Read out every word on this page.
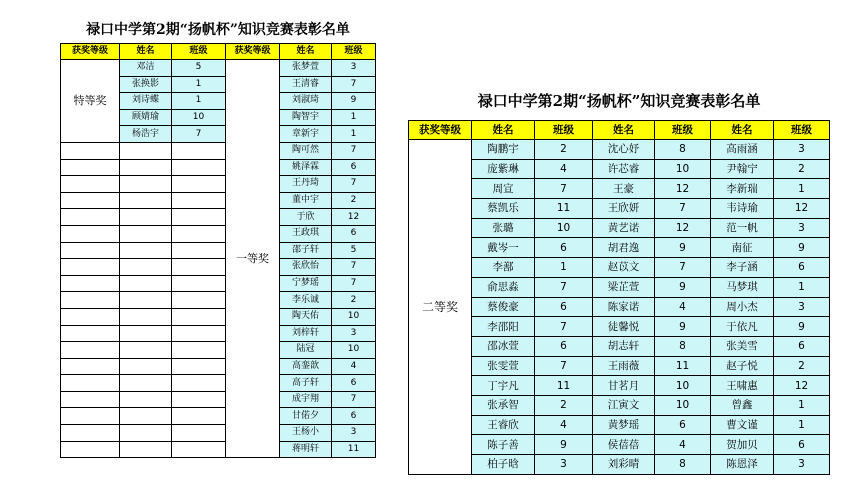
禄口中学第2期“扬帆杯”知识竞赛表彰名单
获奖等级	姓名	班级	获奖等级	姓名	班级
特等奖	邓洁	5	一等奖	张梦萱	3
	张换影	1		王清睿	7
	刘诗蝶	1		刘淑琦	9
	顾婧瑜	10		陶智宇	1
	杨浩宇	7		章新宇	1
				陶可然	7
				姚泽霖	6
				王丹琦	7
				董中宇	2
				于欣	12
				王政琪	6
				邵子轩	5
				张欣怡	7
				宁梦瑶	7
				李乐诚	2
				陶天佑	10
				刘梓轩	3
				陆冠	10
				高銮歆	4
				高子轩	6
				成宇翔	7
				甘偌夕	6
				王杨小	3
				蒋明轩	11
禄口中学第2期“扬帆杯”知识竞赛表彰名单
获奖等级	姓名	班级	姓名	班级	姓名	班级
二等奖	陶鹏宇	2	沈心妤	8	高雨涵	3
	庞紫琳	4	许芯睿	10	尹翰宁	2
	周宣	7	王豪	12	李新瑞	1
	蔡凯乐	11	王欣妍	7	韦诗瑜	12
	张璐	10	黄艺诺	12	范一帆	3
	戴岑一	6	胡君逸	9	南征	9
	李鄯	1	赵苡文	7	李子涵	6
	俞思淼	7	梁芷萱	9	马梦琪	1
	蔡俊豪	6	陈家诺	4	周小杰	3
	李邵阳	7	徒馨悦	9	于依凡	9
	邵冰萱	6	胡志轩	8	张美雪	6
	张雯萱	7	王雨薇	11	赵子悦	2
	丁宇凡	11	甘茗月	10	王啸惠	12
	张承智	2	江寅文	10	曾鑫	1
	王睿欣	4	黄梦瑶	6	曹文谨	1
	陈子善	9	侯蓓蓓	4	贺加贝	6
	柏子晗	3	刘彩晴	8	陈恩泽	3
